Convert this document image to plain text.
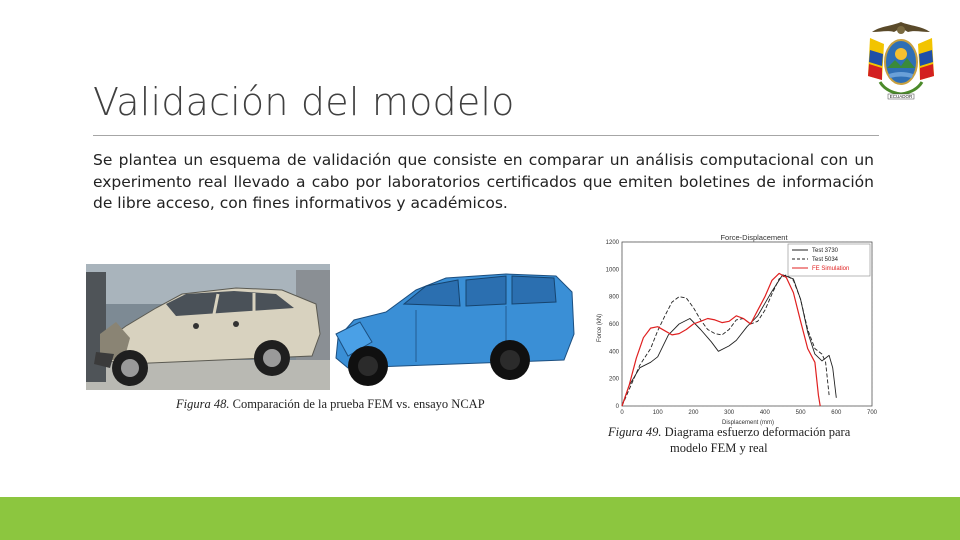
ECUADOR
Validación del modelo
Se plantea un esquema de validación que consiste en comparar un análisis computacional con un experimento real llevado a cabo por laboratorios certificados que emiten boletines de información de libre acceso, con fines informativos y académicos.
Figura 48. Comparación de la prueba FEM vs. ensayo NCAP
Force-Displacement
0	100	200	300	400	500	600	700
0
200
400
600
800
1000
1200
Test 3730
Test 5034
FE Simulation
Displacement (mm)
Force (kN)
Figura 49. Diagrama esfuerzo deformación para
modelo FEM y real
